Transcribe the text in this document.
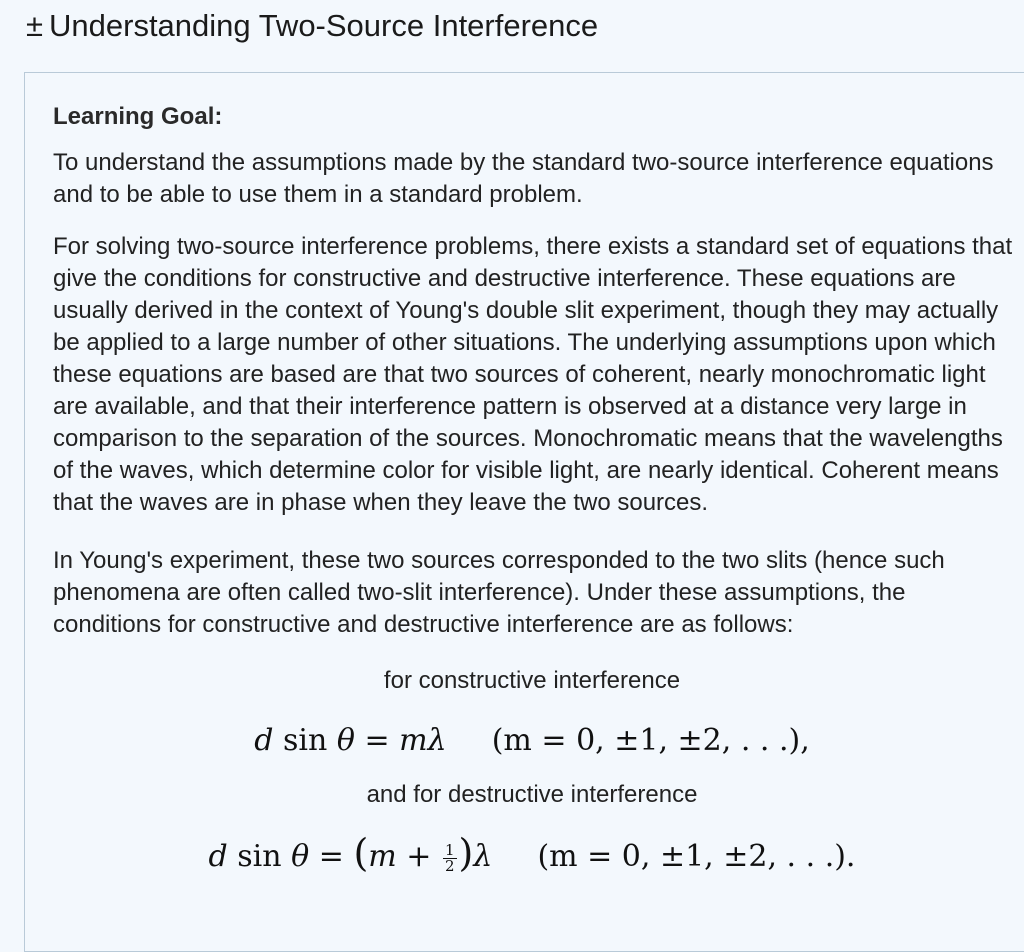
± Understanding Two-Source Interference
Learning Goal:

To understand the assumptions made by the standard two-source interference equations and to be able to use them in a standard problem.

For solving two-source interference problems, there exists a standard set of equations that give the conditions for constructive and destructive interference. These equations are usually derived in the context of Young's double slit experiment, though they may actually be applied to a large number of other situations. The underlying assumptions upon which these equations are based are that two sources of coherent, nearly monochromatic light are available, and that their interference pattern is observed at a distance very large in comparison to the separation of the sources. Monochromatic means that the wavelengths of the waves, which determine color for visible light, are nearly identical. Coherent means that the waves are in phase when they leave the two sources.

In Young's experiment, these two sources corresponded to the two slits (hence such phenomena are often called two-slit interference). Under these assumptions, the conditions for constructive and destructive interference are as follows:

for constructive interference

d sin θ = mλ (m = 0, ±1, ±2, . . .),

and for destructive interference

d $\sin \theta = (m + \frac{1}{2} )\lambda$ (m = 0, ±1, ±2, . . .).
